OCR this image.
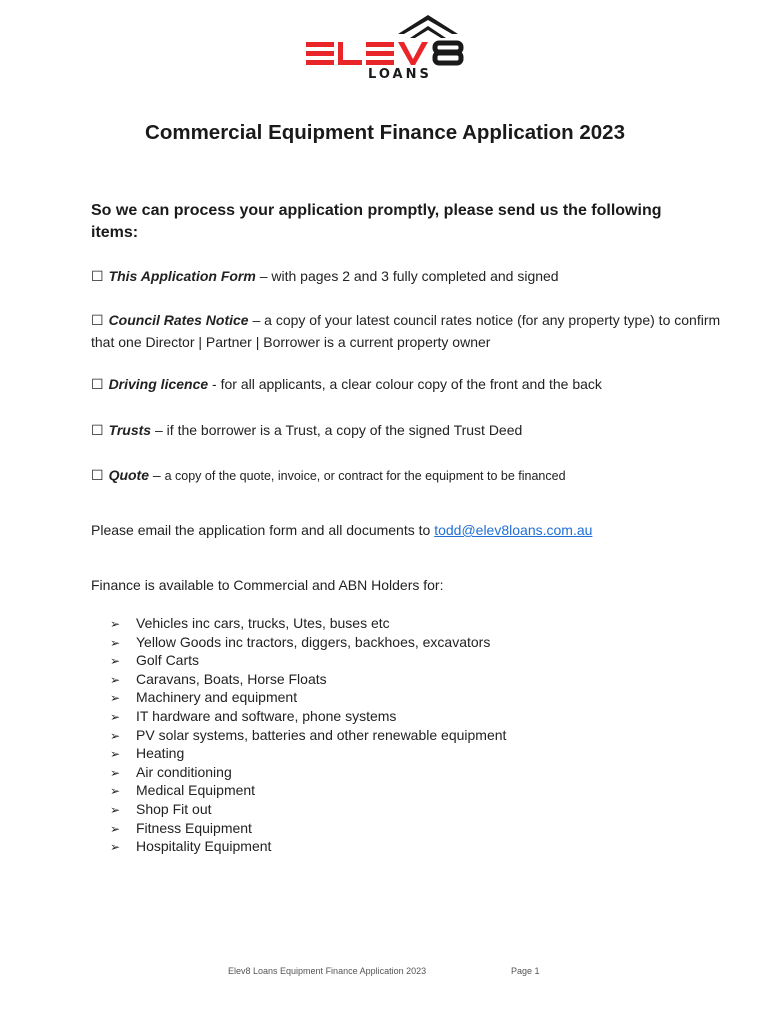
LOANS
Commercial Equipment Finance Application 2023

So we can process your application promptly, please send us the following items:

☐ This Application Form – with pages 2 and 3 fully completed and signed

☐ Council Rates Notice – a copy of your latest council rates notice (for any property type) to confirm that one Director | Partner | Borrower is a current property owner

☐ Driving licence - for all applicants, a clear colour copy of the front and the back

☐ Trusts – if the borrower is a Trust, a copy of the signed Trust Deed

☐ Quote – a copy of the quote, invoice, or contract for the equipment to be financed

Please email the application form and all documents to todd@elev8loans.com.au

Finance is available to Commercial and ABN Holders for:

➢ Vehicles inc cars, trucks, Utes, buses etc
➢ Yellow Goods inc tractors, diggers, backhoes, excavators
➢ Golf Carts
➢ Caravans, Boats, Horse Floats
➢ Machinery and equipment
➢ IT hardware and software, phone systems
➢ PV solar systems, batteries and other renewable equipment
➢ Heating
➢ Air conditioning
➢ Medical Equipment
➢ Shop Fit out
➢ Fitness Equipment
➢ Hospitality Equipment
Elev8 Loans Equipment Finance Application 2023	Page 1
